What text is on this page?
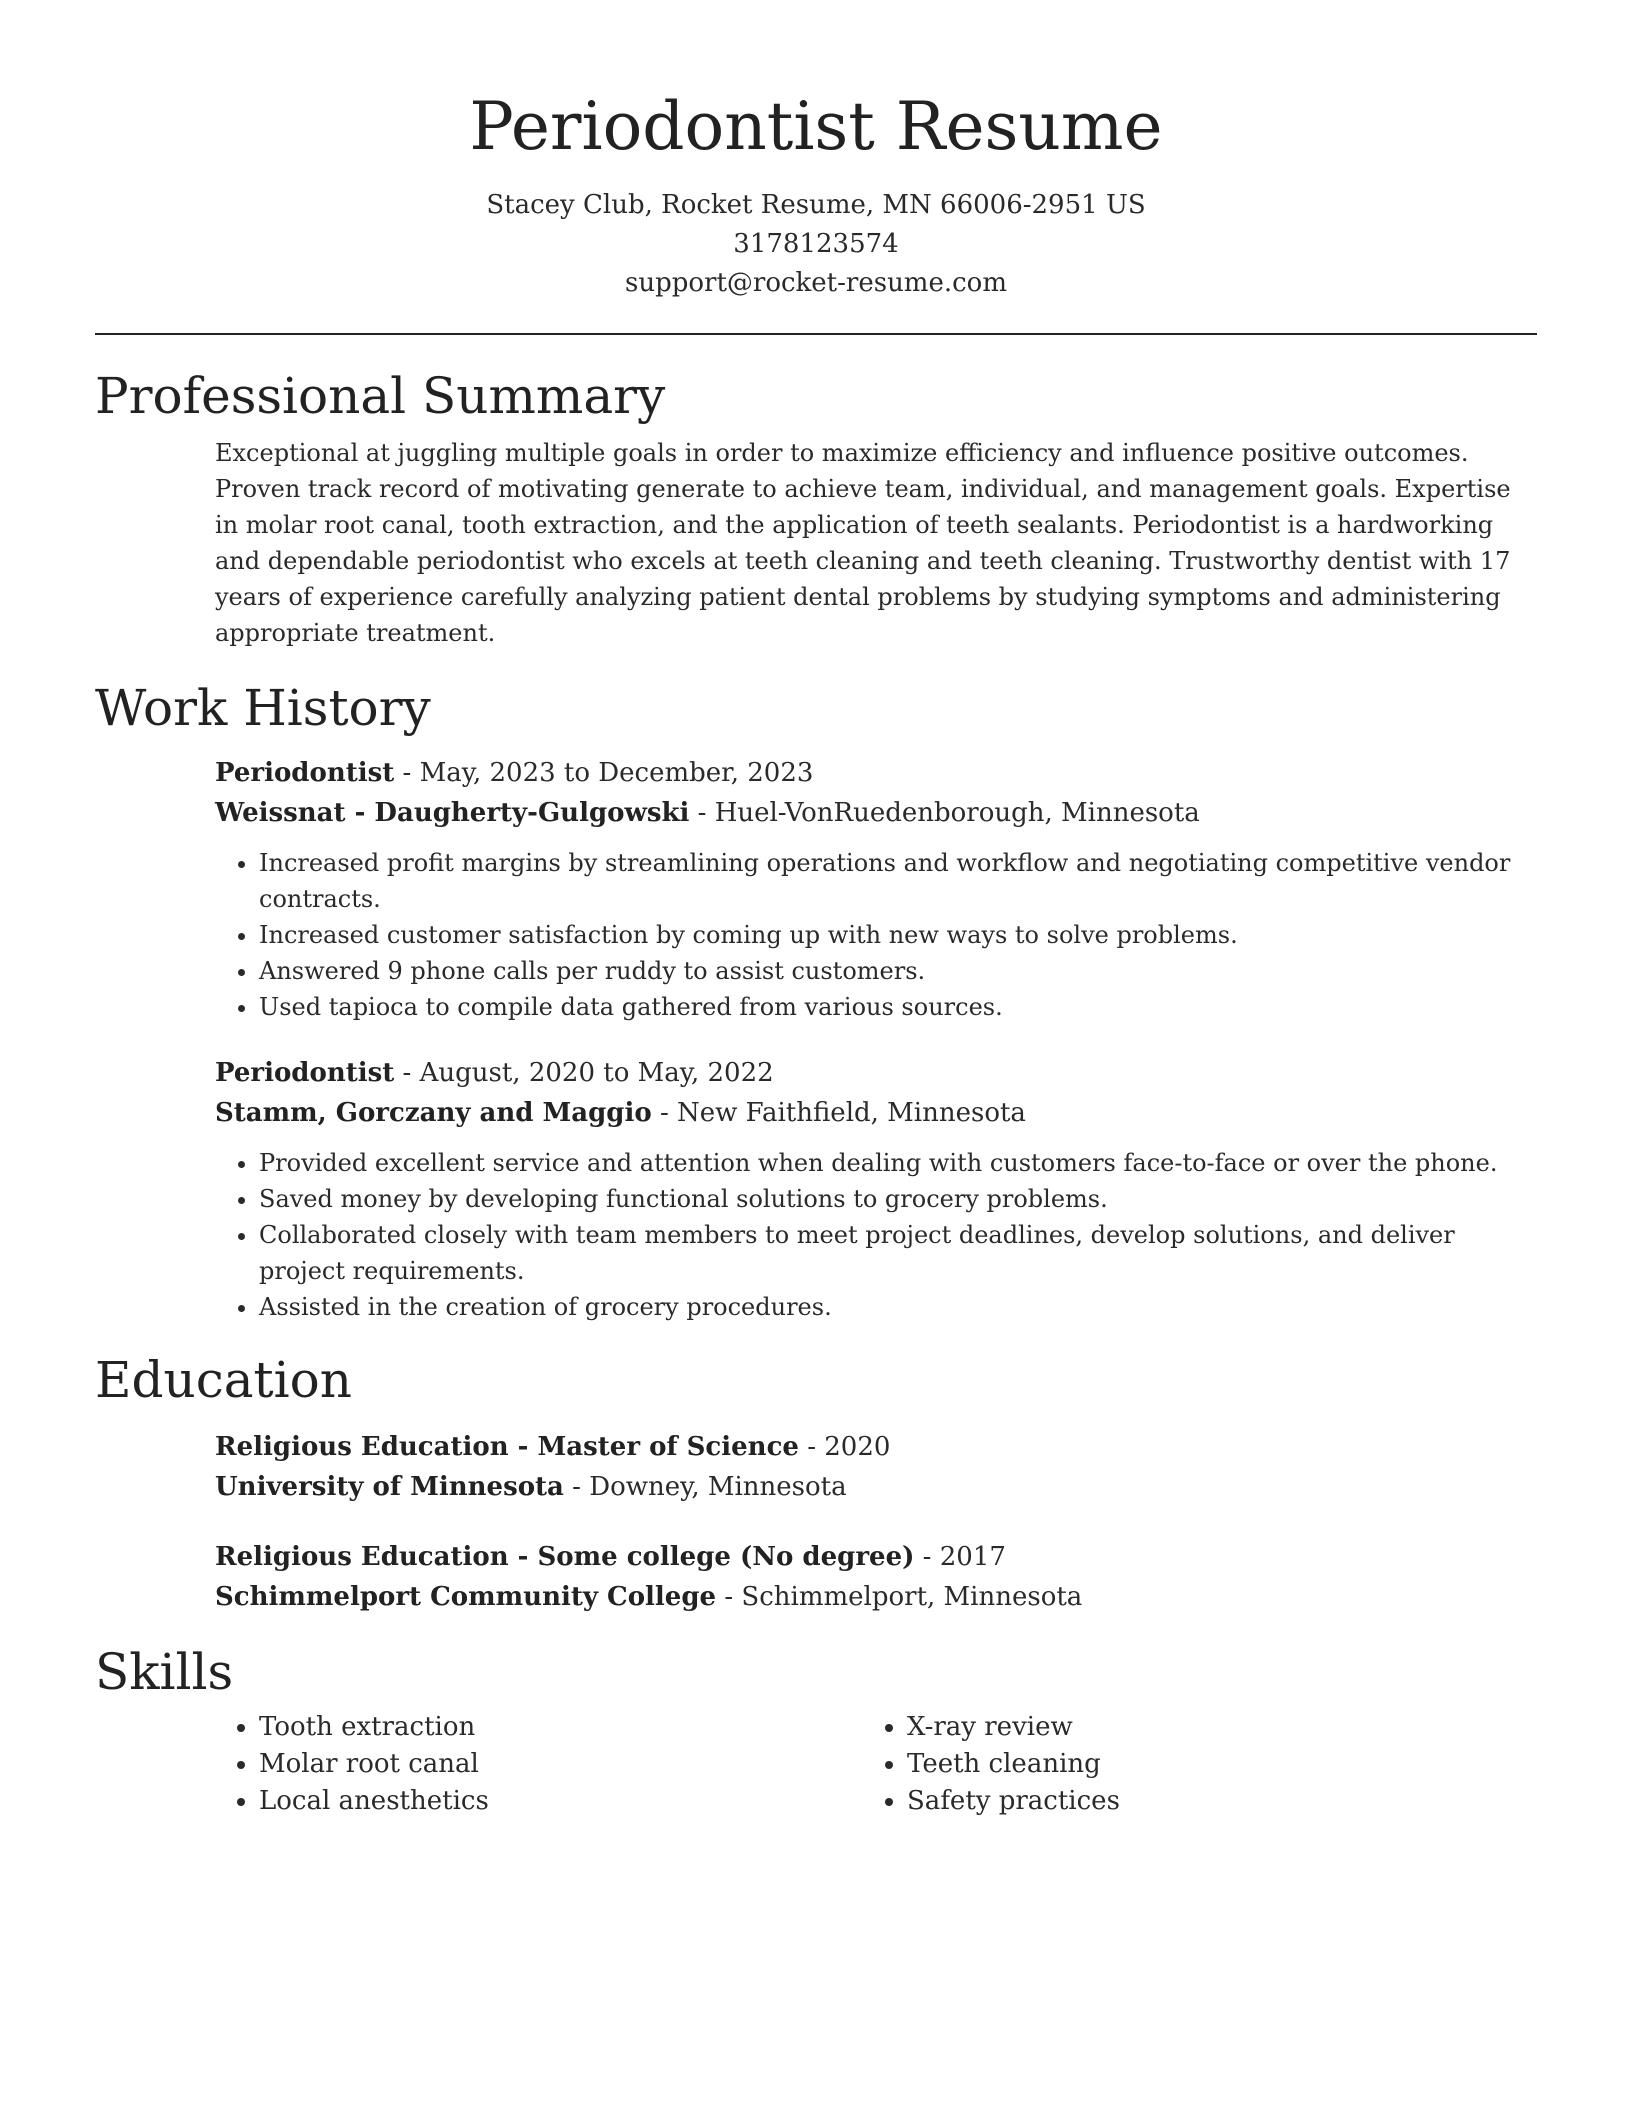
Periodontist Resume
Stacey Club, Rocket Resume, MN 66006-2951 US
3178123574
support@rocket-resume.com
Professional Summary

Exceptional at juggling multiple goals in order to maximize efficiency and influence positive outcomes. Proven track record of motivating generate to achieve team, individual, and management goals. Expertise in molar root canal, tooth extraction, and the application of teeth sealants. Periodontist is a hardworking and dependable periodontist who excels at teeth cleaning and teeth cleaning. Trustworthy dentist with 17 years of experience carefully analyzing patient dental problems by studying symptoms and administering appropriate treatment.

Work History
Periodontist - May, 2023 to December, 2023
Weissnat - Daugherty-Gulgowski - Huel-VonRuedenborough, Minnesota
• Increased profit margins by streamlining operations and workflow and negotiating competitive vendor contracts.
• Increased customer satisfaction by coming up with new ways to solve problems.
• Answered 9 phone calls per ruddy to assist customers.
• Used tapioca to compile data gathered from various sources.
Periodontist - August, 2020 to May, 2022
Stamm, Gorczany and Maggio - New Faithfield, Minnesota
• Provided excellent service and attention when dealing with customers face-to-face or over the phone.
• Saved money by developing functional solutions to grocery problems.
• Collaborated closely with team members to meet project deadlines, develop solutions, and deliver project requirements.
• Assisted in the creation of grocery procedures.
Education
Religious Education - Master of Science - 2020
University of Minnesota - Downey, Minnesota
Religious Education - Some college (No degree) - 2017
Schimmelport Community College - Schimmelport, Minnesota
Skills
• Tooth extraction
• Molar root canal
• Local anesthetics
• X-ray review
• Teeth cleaning
• Safety practices
